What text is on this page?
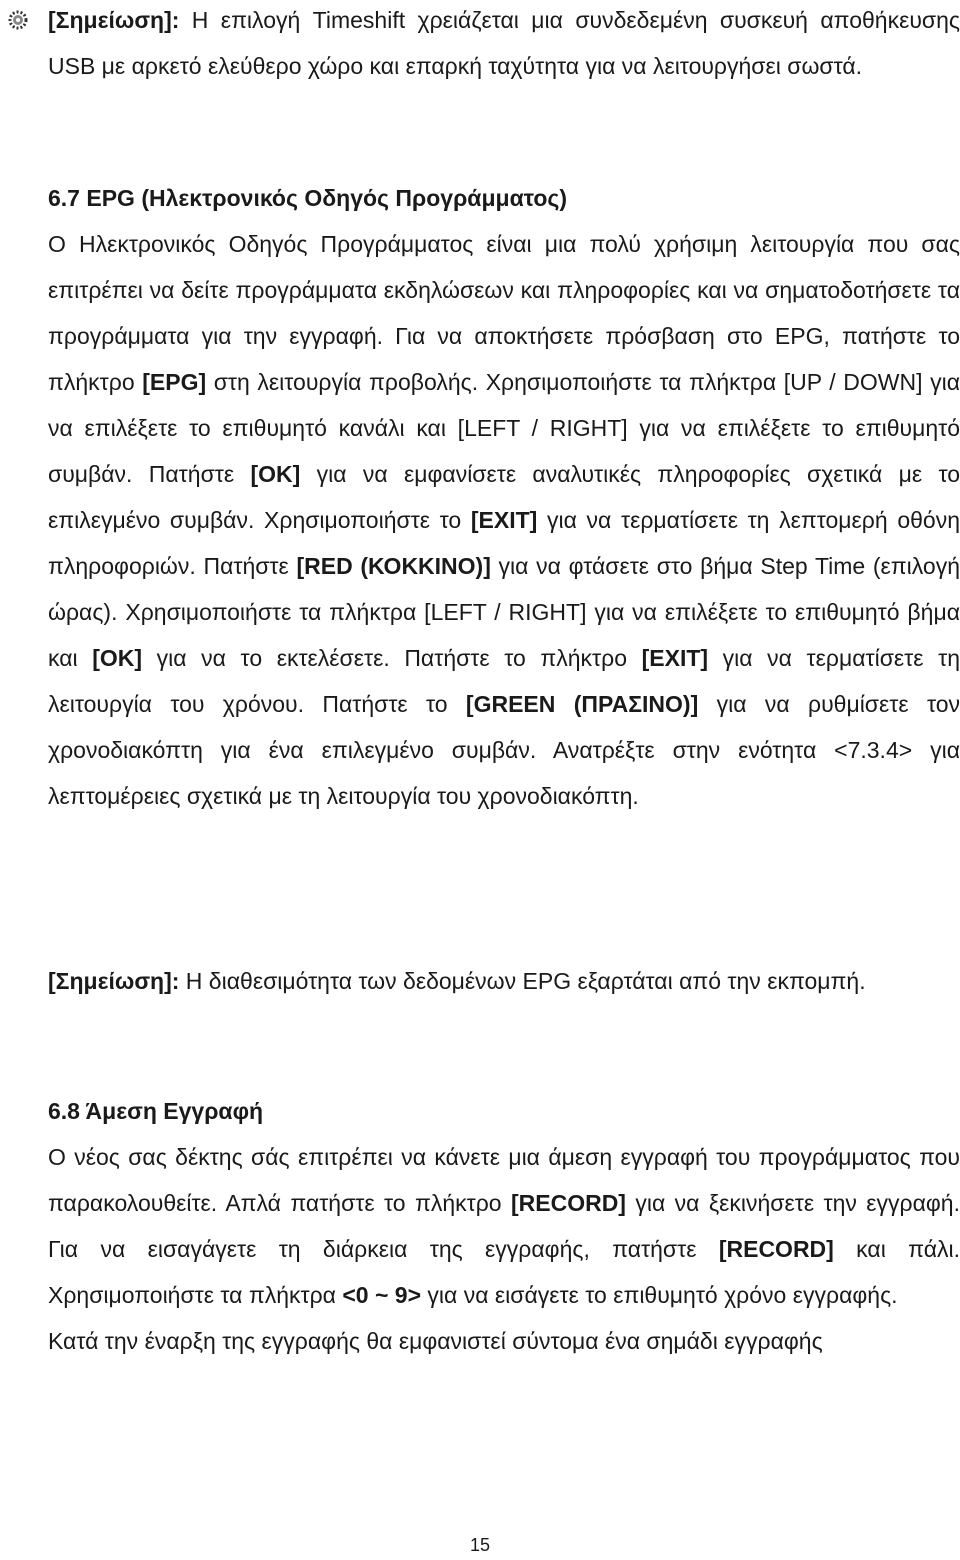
[Σημείωση]: Η επιλογή Timeshift χρειάζεται μια συνδεδεμένη συσκευή αποθήκευσης USB με αρκετό ελεύθερο χώρο και επαρκή ταχύτητα για να λειτουργήσει σωστά.
6.7 EPG (Ηλεκτρονικός Οδηγός Προγράμματος)
Ο Ηλεκτρονικός Οδηγός Προγράμματος είναι μια πολύ χρήσιμη λειτουργία που σας επιτρέπει να δείτε προγράμματα εκδηλώσεων και πληροφορίες και να σηματοδοτήσετε τα προγράμματα για την εγγραφή. Για να αποκτήσετε πρόσβαση στο EPG, πατήστε το πλήκτρο [EPG] στη λειτουργία προβολής. Χρησιμοποιήστε τα πλήκτρα [UP / DOWN] για να επιλέξετε το επιθυμητό κανάλι και [LEFT / RIGHT] για να επιλέξετε το επιθυμητό συμβάν. Πατήστε [OK] για να εμφανίσετε αναλυτικές πληροφορίες σχετικά με το επιλεγμένο συμβάν. Χρησιμοποιήστε το [EXIT] για να τερματίσετε τη λεπτομερή οθόνη πληροφοριών. Πατήστε [RED (ΚΟΚΚΙΝΟ)] για να φτάσετε στο βήμα Step Time (επιλογή ώρας). Χρησιμοποιήστε τα πλήκτρα [LEFT / RIGHT] για να επιλέξετε το επιθυμητό βήμα και [OK] για να το εκτελέσετε. Πατήστε το πλήκτρο [EXIT] για να τερματίσετε τη λειτουργία του χρόνου. Πατήστε το [GREEN (ΠΡΑΣΙΝΟ)] για να ρυθμίσετε τον χρονοδιακόπτη για ένα επιλεγμένο συμβάν. Ανατρέξτε στην ενότητα <7.3.4> για λεπτομέρειες σχετικά με τη λειτουργία του χρονοδιακόπτη.
[Σημείωση]: Η διαθεσιμότητα των δεδομένων EPG εξαρτάται από την εκπομπή.
6.8 Άμεση Εγγραφή
Ο νέος σας δέκτης σάς επιτρέπει να κάνετε μια άμεση εγγραφή του προγράμματος που παρακολουθείτε. Απλά πατήστε το πλήκτρο [RECORD] για να ξεκινήσετε την εγγραφή. Για να εισαγάγετε τη διάρκεια της εγγραφής, πατήστε [RECORD] και πάλι. Χρησιμοποιήστε τα πλήκτρα <0 ~ 9> για να εισάγετε το επιθυμητό χρόνο εγγραφής.
Κατά την έναρξη της εγγραφής θα εμφανιστεί σύντομα ένα σημάδι εγγραφής
15
